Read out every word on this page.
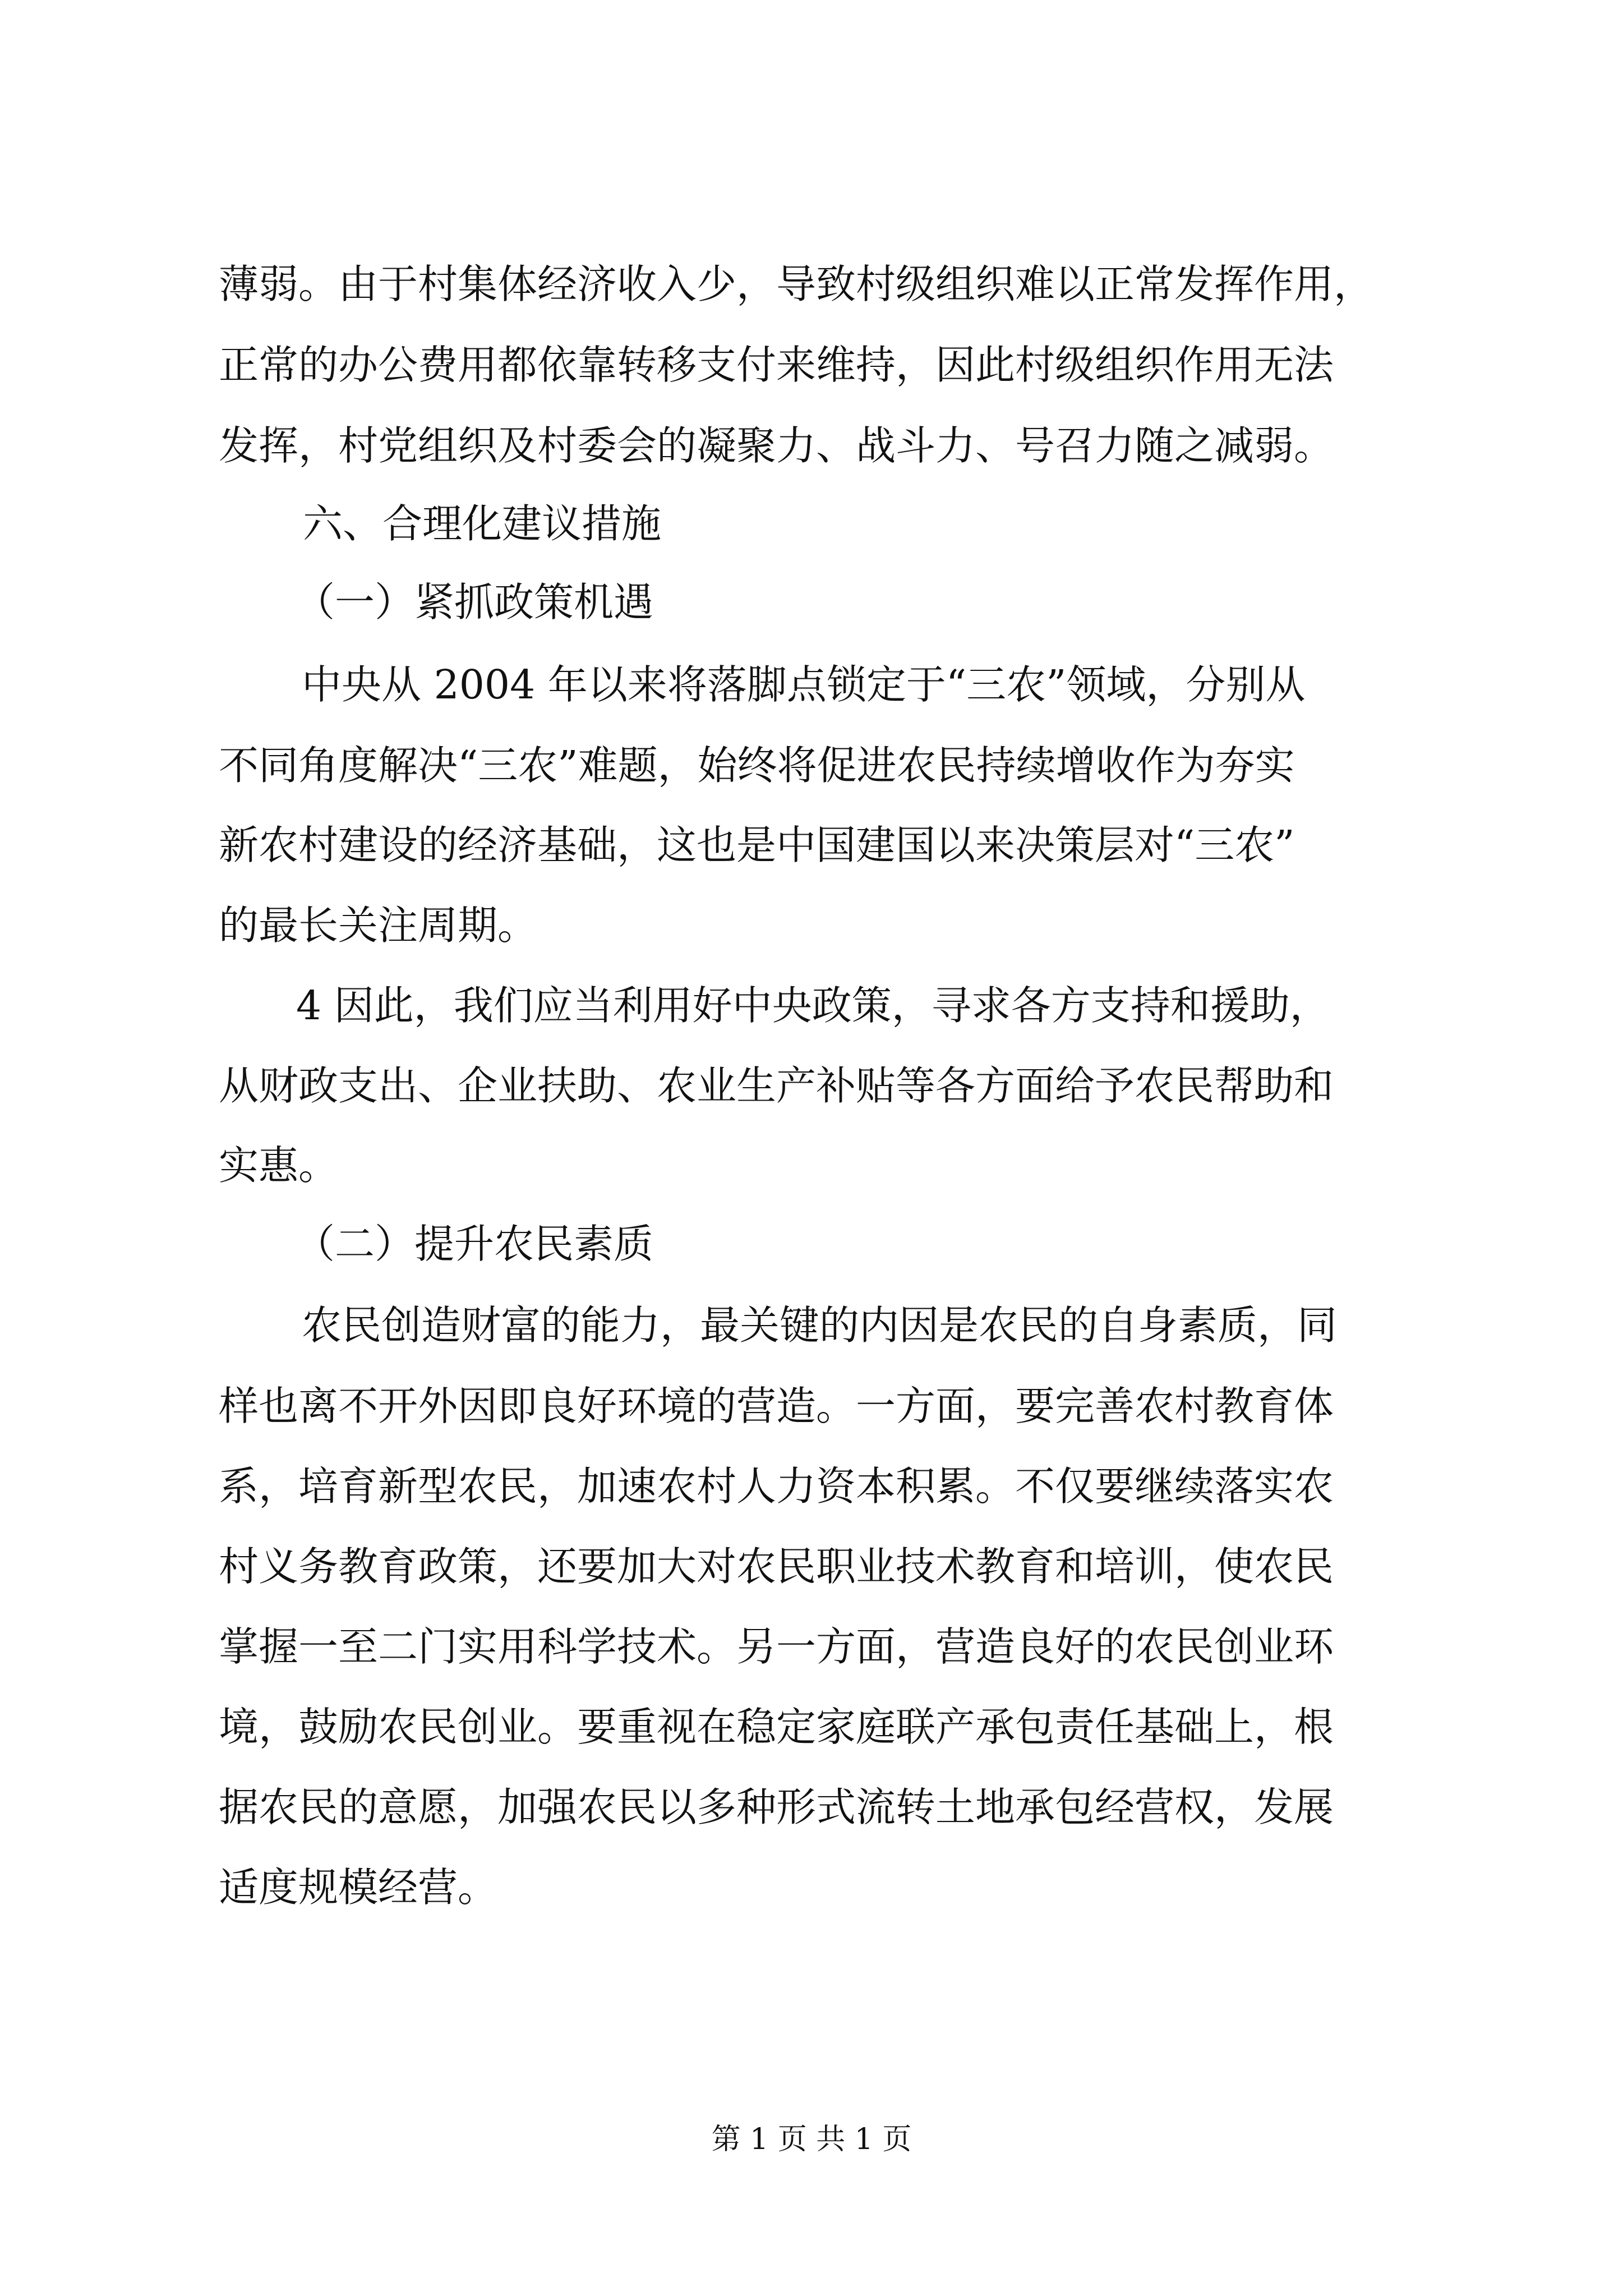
薄弱。由于村集体经济收入少，导致村级组织难以正常发挥作用，
正常的办公费用都依靠转移支付来维持，因此村级组织作用无法
发挥，村党组织及村委会的凝聚力、战斗力、号召力随之减弱。
六、合理化建议措施
（一）紧抓政策机遇
中央从 2004 年以来将落脚点锁定于“三农”领域，分别从
不同角度解决“三农”难题，始终将促进农民持续增收作为夯实
新农村建设的经济基础，这也是中国建国以来决策层对“三农”
的最长关注周期。
4 因此，我们应当利用好中央政策，寻求各方支持和援助，
从财政支出、企业扶助、农业生产补贴等各方面给予农民帮助和
实惠。
（二）提升农民素质
农民创造财富的能力，最关键的内因是农民的自身素质，同
样也离不开外因即良好环境的营造。一方面，要完善农村教育体
系，培育新型农民，加速农村人力资本积累。不仅要继续落实农
村义务教育政策，还要加大对农民职业技术教育和培训，使农民
掌握一至二门实用科学技术。另一方面，营造良好的农民创业环
境，鼓励农民创业。要重视在稳定家庭联产承包责任基础上，根
据农民的意愿，加强农民以多种形式流转土地承包经营权，发展
适度规模经营。
第 1 页 共 1 页
